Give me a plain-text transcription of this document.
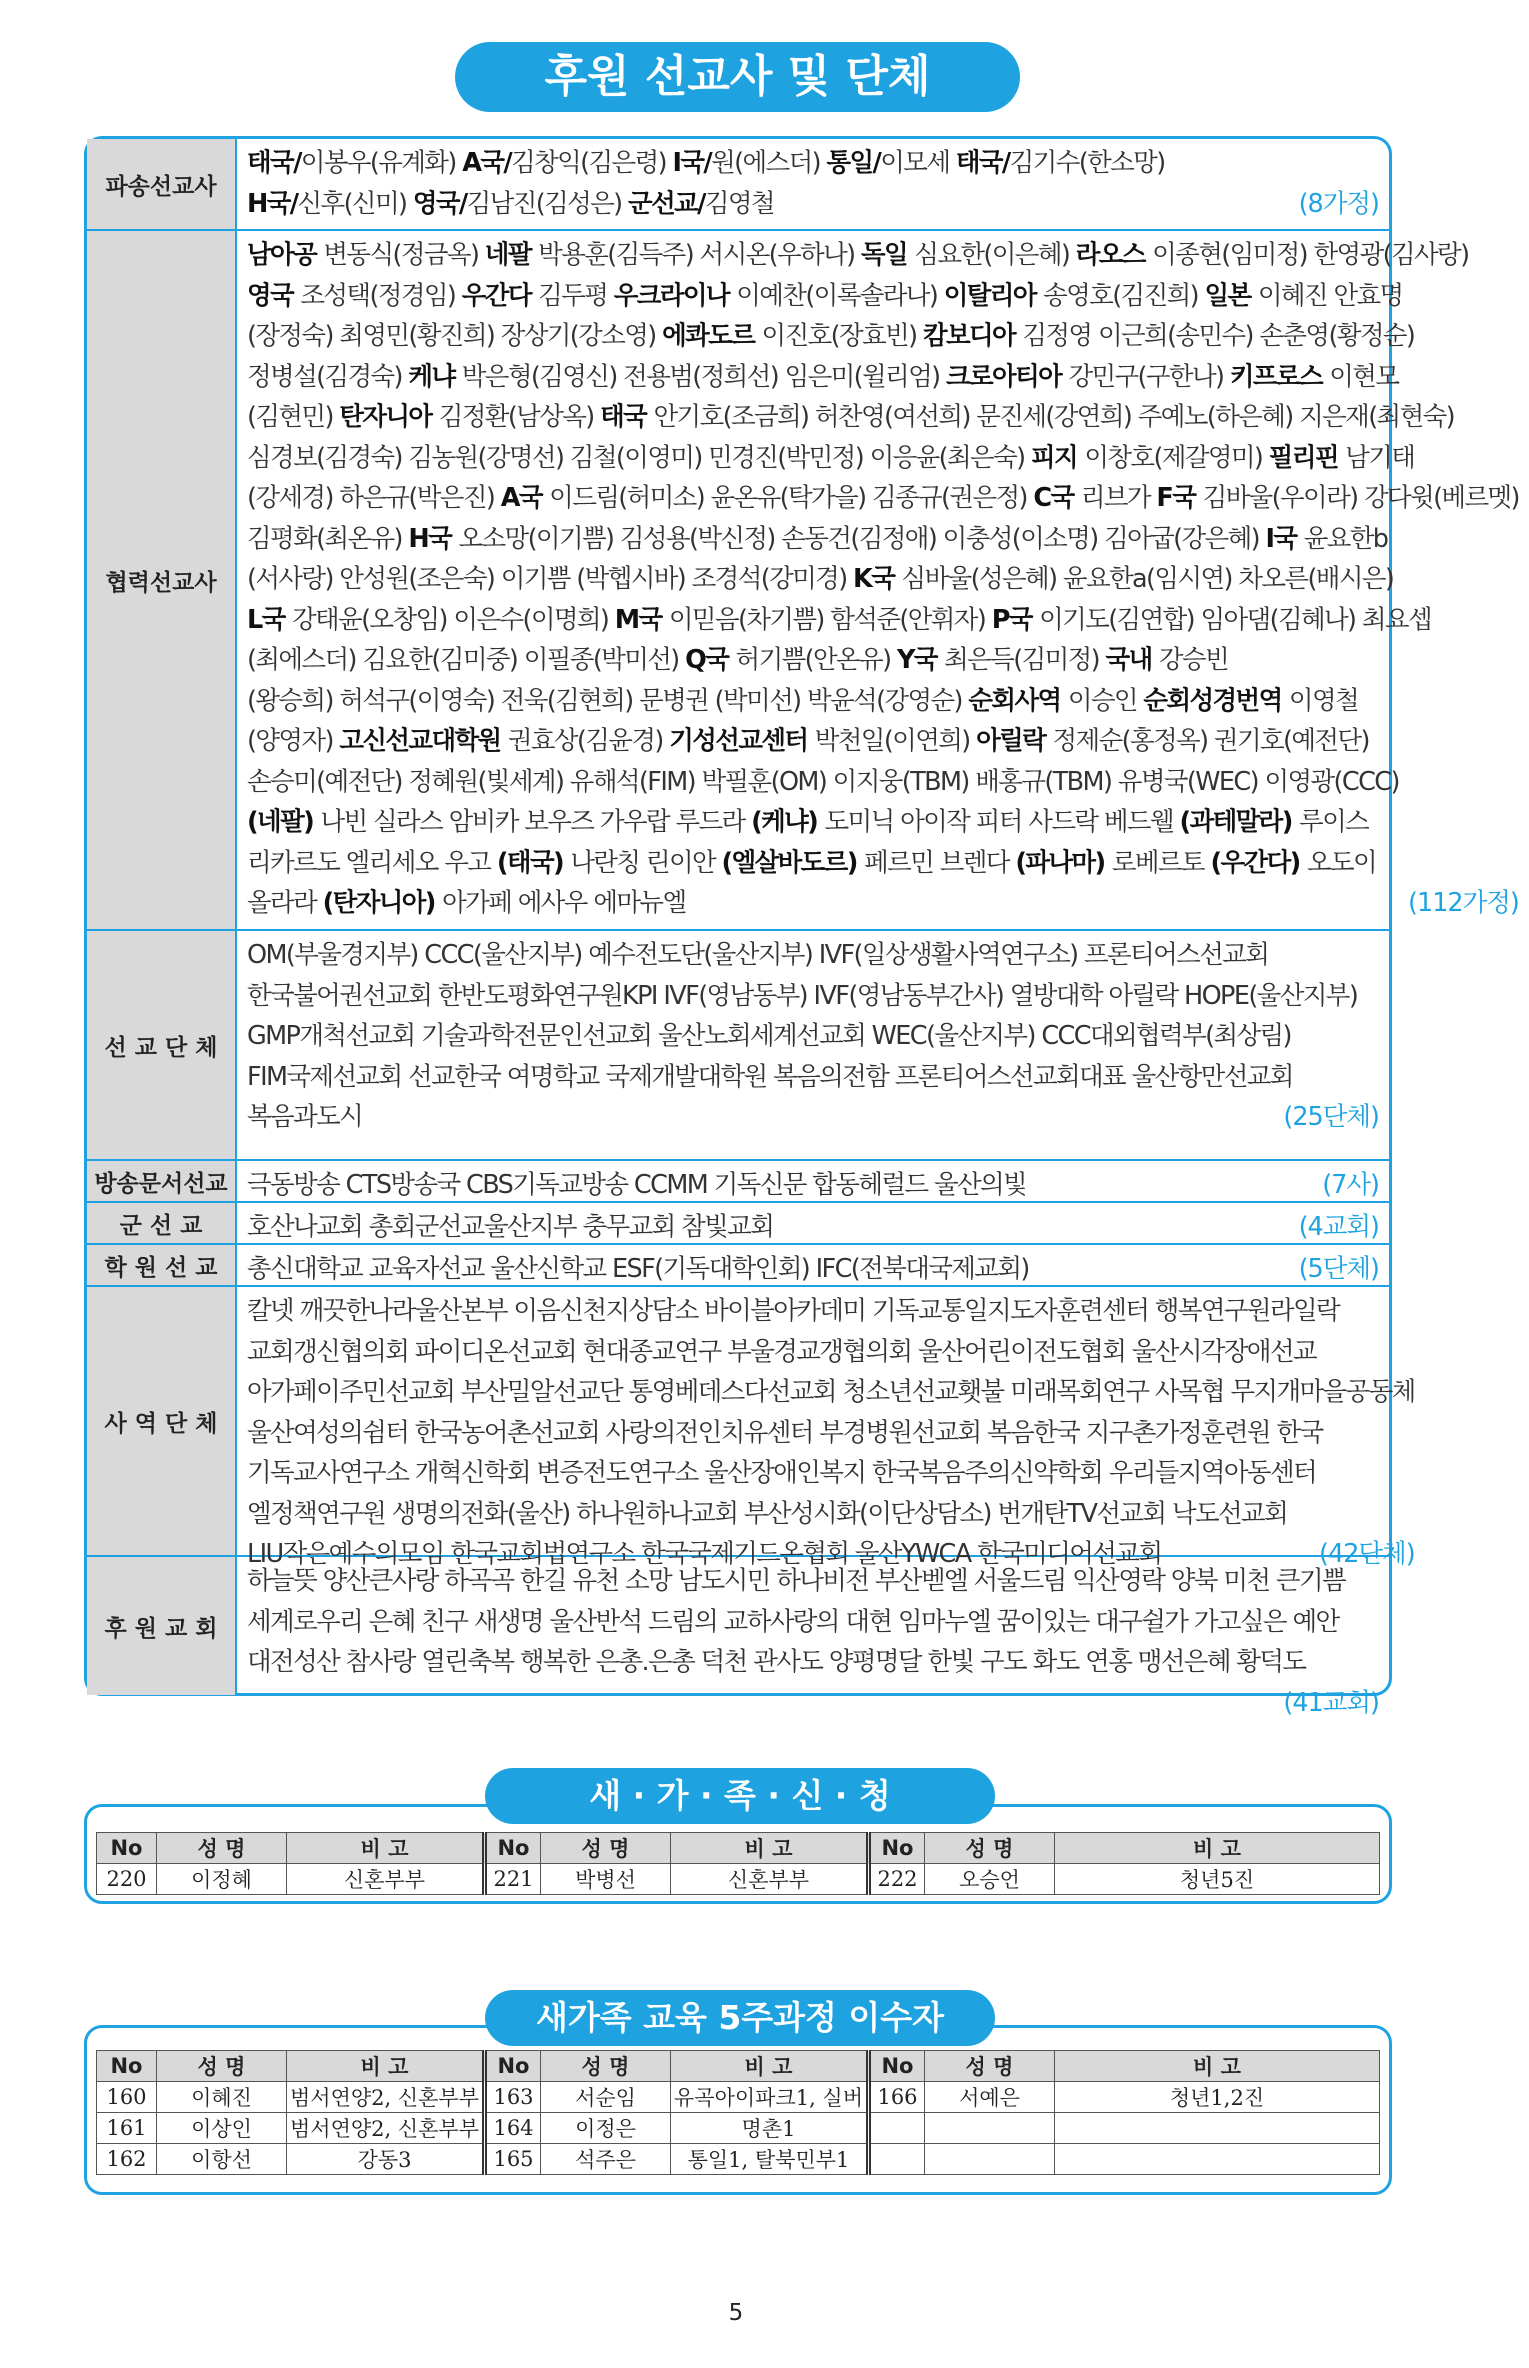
후원 선교사 및 단체
파송선교사
태국/이봉우(유계화) A국/김창익(김은령) I국/원(에스더) 통일/이모세 태국/김기수(한소망)
H국/신후(신미) 영국/김남진(김성은) 군선교/김영철	(8가정)
협력선교사
남아공 변동식(정금옥) 네팔 박용훈(김득주) 서시온(우하나) 독일 심요한(이은혜) 라오스 이종현(임미정) 한영광(김사랑)
영국 조성택(정경임) 우간다 김두평 우크라이나 이예찬(이록솔라나) 이탈리아 송영호(김진희) 일본 이혜진 안효명
(장정숙) 최영민(황진희) 장상기(강소영) 에콰도르 이진호(장효빈) 캄보디아 김정영 이근희(송민수) 손춘영(황정순)
정병설(김경숙) 케냐 박은형(김영신) 전용범(정희선) 임은미(윌리엄) 크로아티아 강민구(구한나) 키프로스 이현모
(김현민) 탄자니아 김정환(남상옥) 태국 안기호(조금희) 허찬영(여선희) 문진세(강연희) 주예노(하은혜) 지은재(최현숙)
심경보(김경숙) 김농원(강명선) 김철(이영미) 민경진(박민정) 이응윤(최은숙) 피지 이창호(제갈영미) 필리핀 남기태
(강세경) 하은규(박은진) A국 이드림(허미소) 윤온유(탁가을) 김종규(권은정) C국 리브가 F국 김바울(우이라) 강다윗(베르멧)
김평화(최온유) H국 오소망(이기쁨) 김성용(박신정) 손동건(김정애) 이충성(이소명) 김아굽(강은혜) I국 윤요한b
(서사랑) 안성원(조은숙) 이기쁨 (박헵시바) 조경석(강미경) K국 심바울(성은혜) 윤요한a(임시연) 차오른(배시은)
L국 강태윤(오창임) 이은수(이명희) M국 이믿음(차기쁨) 함석준(안휘자) P국 이기도(김연합) 임아댐(김혜나) 최요셉
(최에스더) 김요한(김미중) 이필종(박미선) Q국 허기쁨(안온유) Y국 최은득(김미정) 국내 강승빈
(왕승희) 허석구(이영숙) 전욱(김현희) 문병권 (박미선) 박윤석(강영순) 순회사역 이승인 순회성경번역 이영철
(양영자) 고신선교대학원 권효상(김윤경) 기성선교센터 박천일(이연희) 아릴락 정제순(홍정옥) 권기호(예전단)
손승미(예전단) 정혜원(빛세계) 유해석(FIM) 박필훈(OM) 이지웅(TBM) 배홍규(TBM) 유병국(WEC) 이영광(CCC)
(네팔) 나빈 실라스 암비카 보우즈 가우랍 루드라 (케냐) 도미닉 아이작 피터 사드락 베드웰 (과테말라) 루이스
리카르도 엘리세오 우고 (태국) 나란칭 린이안 (엘살바도르) 페르민 브렌다 (파나마) 로베르토 (우간다) 오도이
올라라 (탄자니아) 아가페 에사우 에마뉴엘	(112가정)
선 교 단 체
OM(부울경지부) CCC(울산지부) 예수전도단(울산지부) IVF(일상생활사역연구소) 프론티어스선교회
한국불어권선교회 한반도평화연구원KPI IVF(영남동부) IVF(영남동부간사) 열방대학 아릴락 HOPE(울산지부)
GMP개척선교회 기술과학전문인선교회 울산노회세계선교회 WEC(울산지부) CCC대외협력부(최상림)
FIM국제선교회 선교한국 여명학교 국제개발대학원 복음의전함 프론티어스선교회대표 울산항만선교회
복음과도시	(25단체)
방송문서선교 극동방송 CTS방송국 CBS기독교방송 CCMM 기독신문 합동헤럴드 울산의빛	(7사)
군 선 교	호산나교회 총회군선교울산지부 충무교회 참빛교회	(4교회)
학 원 선 교	총신대학교 교육자선교 울산신학교 ESF(기독대학인회) IFC(전북대국제교회)	(5단체)
사 역 단 체
칼넷 깨끗한나라울산본부 이음신천지상담소 바이블아카데미 기독교통일지도자훈련센터 행복연구원라일락
교회갱신협의회 파이디온선교회 현대종교연구 부울경교갱협의회 울산어린이전도협회 울산시각장애선교
아가페이주민선교회 부산밀알선교단 통영베데스다선교회 청소년선교횃불 미래목회연구 사목협 무지개마을공동체
울산여성의쉼터 한국농어촌선교회 사랑의전인치유센터 부경병원선교회 복음한국 지구촌가정훈련원 한국
기독교사연구소 개혁신학회 변증전도연구소 울산장애인복지 한국복음주의신약학회 우리들지역아동센터
엘정책연구원 생명의전화(울산) 하나원하나교회 부산성시화(이단상담소) 번개탄TV선교회 낙도선교회
LIU작은예수의모임 한국교회법연구소 한국국제기드온협회 울산YWCA 한국미디어선교회	(42단체)
후 원 교 회
하늘뜻 양산큰사랑 하곡곡 한길 유천 소망 남도시민 하나비전 부산벧엘 서울드림 익산영락 양북 미천 큰기쁨
세계로우리 은혜 친구 새생명 울산반석 드림의 교하사랑의 대현 임마누엘 꿈이있는 대구쉴가 가고싶은 예안
대전성산 참사랑 열린축복 행복한 은총.은총 덕천 관사도 양평명달 한빛 구도 화도 연홍 맹선은혜 황덕도
(41교회)
새 · 가 · 족 · 신 · 청
No	성 명	비 고	No	성 명	비 고	No	성 명	비 고
220	이정혜	신혼부부	221	박병선	신혼부부	222	오승언	청년5진
새가족 교육 5주과정 이수자
No	성 명	비 고	No	성 명	비 고	No	성 명	비 고
160	이혜진	범서연양2, 신혼부부	163	서순임	유곡아이파크1, 실버	166	서예은	청년1,2진
161	이상인	범서연양2, 신혼부부	164	이정은	명촌1			
162	이항선	강동3	165	석주은	통일1, 탈북민부1			
5
